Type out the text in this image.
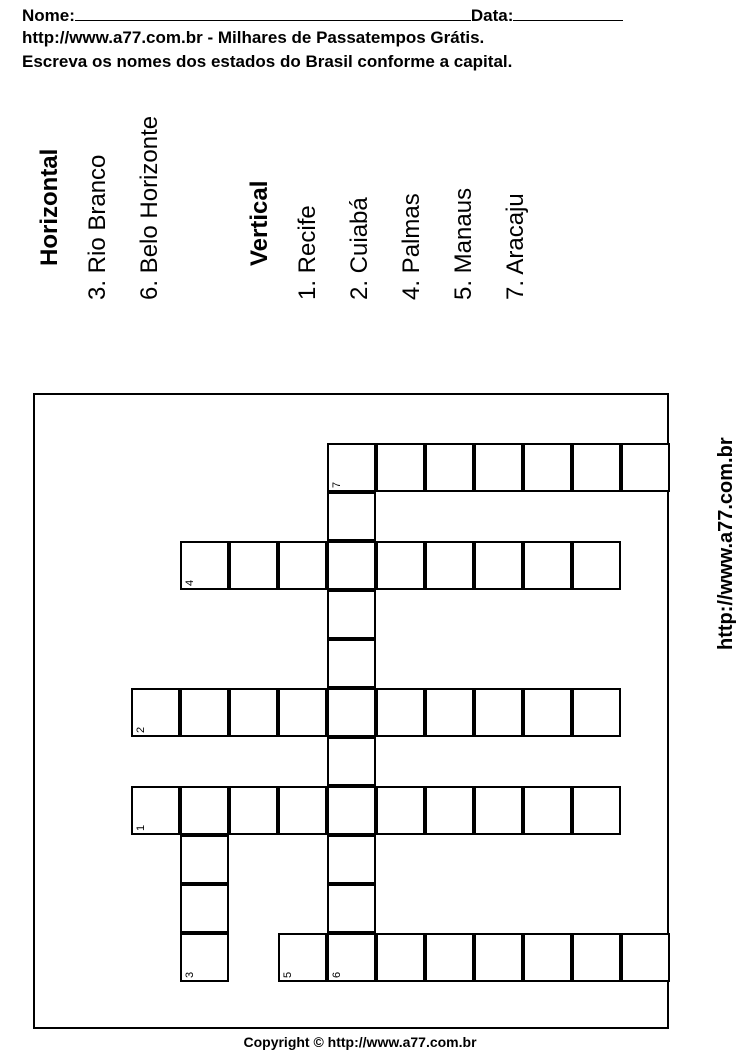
Nome:	Data:
http://www.a77.com.br - Milhares de Passatempos Grátis.
Escreva os nomes dos estados do Brasil conforme a capital.
Horizontal 3. Rio Branco 6. Belo Horizonte	Vertical 1. Recife 2. Cuiabá 4. Palmas 5. Manaus 7. Aracaju
7
4
2
1
3	5	6
http://www.a77.com.br
Copyright © http://www.a77.com.br
